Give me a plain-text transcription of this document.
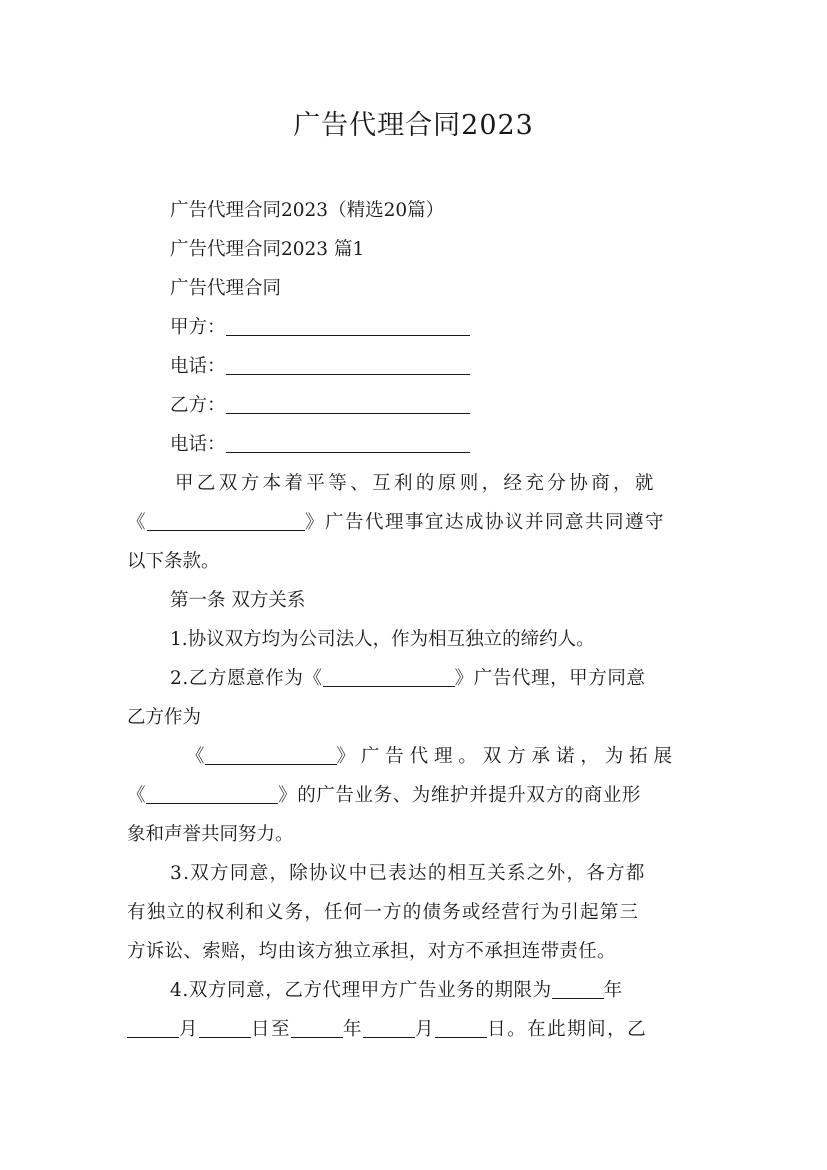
广告代理合同2023
广告代理合同2023（精选20篇）
广告代理合同2023 篇1
广告代理合同
甲方：
电话：
乙方：
电话：
甲乙双方本着平等、互利的原则，经充分协商，就
《	》广告代理事宜达成协议并同意共同遵守
以下条款。
第一条 双方关系
1.协议双方均为公司法人，作为相互独立的缔约人。
2.乙方愿意作为《	》广告代理，甲方同意
乙方作为
《	》 广 告 代 理 。 双 方 承 诺 ， 为 拓 展
《	》的广告业务、为维护并提升双方的商业形
象和声誉共同努力。
3.双方同意，除协议中已表达的相互关系之外，各方都
有独立的权利和义务，任何一方的债务或经营行为引起第三
方诉讼、索赔，均由该方独立承担，对方不承担连带责任。
4.双方同意，乙方代理甲方广告业务的期限为	年
月	日至	年	月	日。在此期间，乙
